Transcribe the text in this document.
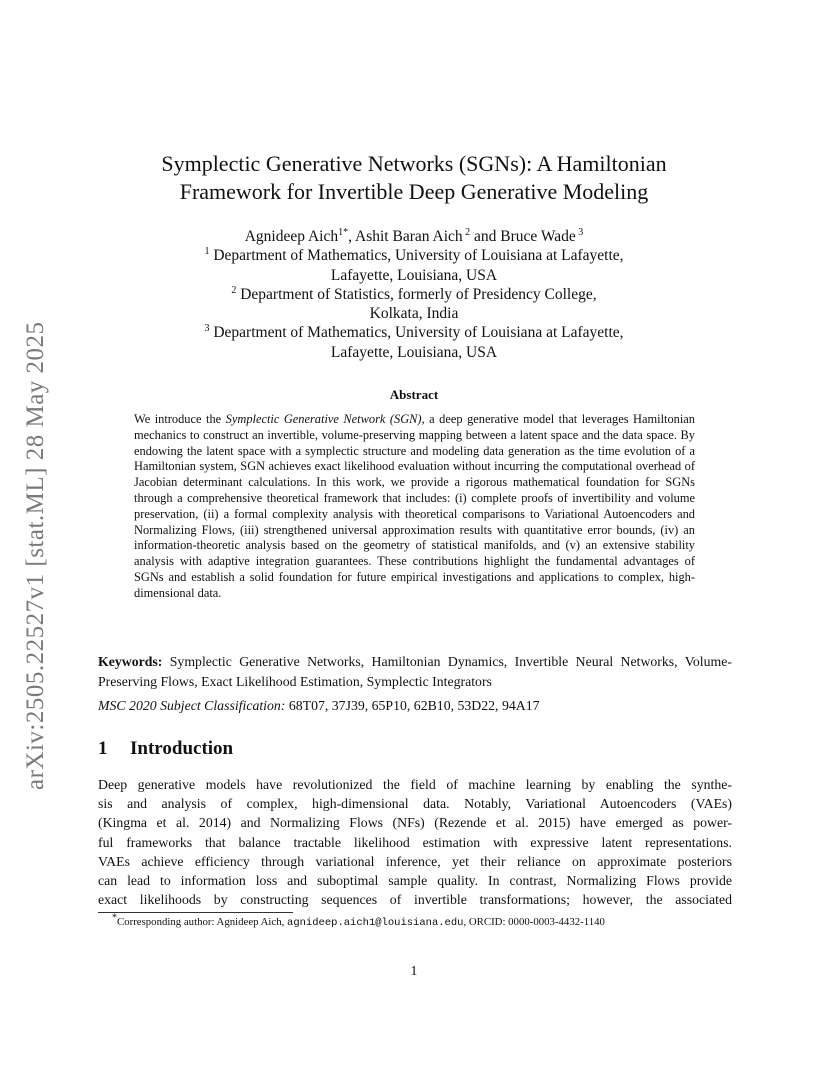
arXiv:2505.22527v1 [stat.ML] 28 May 2025
Symplectic Generative Networks (SGNs): A Hamiltonian
Framework for Invertible Deep Generative Modeling
Agnideep Aich$^{1*}$, Ashit Baran Aich $^2$ and Bruce Wade $^3$
$^1$ Department of Mathematics, University of Louisiana at Lafayette,
Lafayette, Louisiana, USA
$^2$ Department of Statistics, formerly of Presidency College,
Kolkata, India
$^3$ Department of Mathematics, University of Louisiana at Lafayette,
Lafayette, Louisiana, USA
Abstract
We introduce the Symplectic Generative Network (SGN), a deep generative model that leverages Hamiltonian mechanics to construct an invertible, volume-preserving mapping between a latent space and the data space. By endowing the latent space with a symplectic structure and modeling data generation as the time evolution of a Hamiltonian system, SGN achieves exact likelihood evaluation without incurring the computational overhead of Jacobian determinant calculations. In this work, we provide a rigorous mathematical foundation for SGNs through a comprehensive theoretical framework that includes: (i) complete proofs of invertibility and volume preservation, (ii) a formal complexity analysis with theoretical comparisons to Variational Autoencoders and Normalizing Flows, (iii) strengthened universal approximation results with quantitative error bounds, (iv) an information-theoretic analysis based on the geometry of statistical manifolds, and (v) an extensive stability analysis with adaptive integration guarantees. These contributions highlight the fundamental advantages of SGNs and establish a solid foundation for future empirical investigations and applications to complex, high-dimensional data.
Keywords: Symplectic Generative Networks, Hamiltonian Dynamics, Invertible Neural Networks, Volume-Preserving Flows, Exact Likelihood Estimation, Symplectic Integrators
MSC 2020 Subject Classification: 68T07, 37J39, 65P10, 62B10, 53D22, 94A17
1 Introduction
Deep generative models have revolutionized the field of machine learning by enabling the synthe-
sis and analysis of complex, high-dimensional data. Notably, Variational Autoencoders (VAEs)
(Kingma et al. 2014) and Normalizing Flows (NFs) (Rezende et al. 2015) have emerged as power-
ful frameworks that balance tractable likelihood estimation with expressive latent representations.
VAEs achieve efficiency through variational inference, yet their reliance on approximate posteriors
can lead to information loss and suboptimal sample quality. In contrast, Normalizing Flows provide
exact likelihoods by constructing sequences of invertible transformations; however, the associated
*Corresponding author: Agnideep Aich, agnideep.aich1@louisiana.edu, ORCID: 0000-0003-4432-1140
1
